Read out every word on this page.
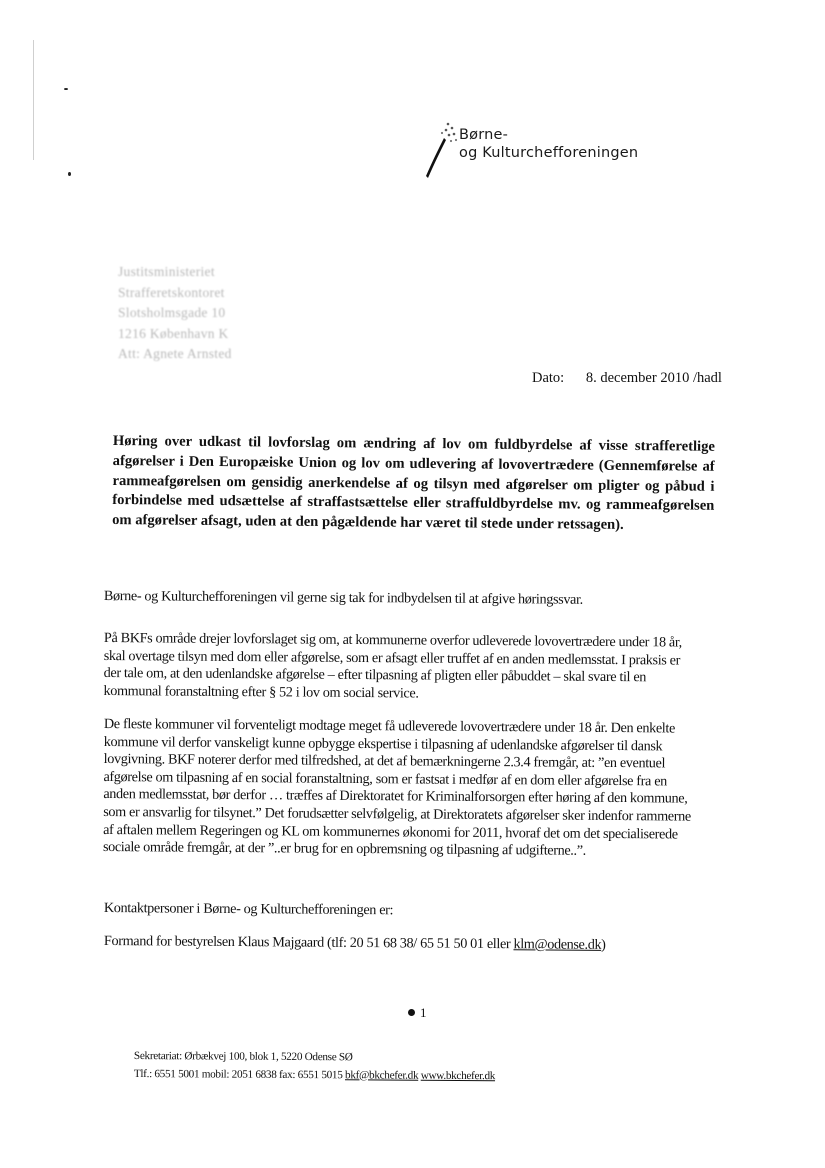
Børne-
og Kulturchefforeningen
Justitsministeriet
Strafferetskontoret
Slotsholmsgade 10
1216 København K
Att: Agnete Arnsted
Dato: 8. december 2010 /hadl
Høring over udkast til lovforslag om ændring af lov om fuldbyrdelse af visse strafferetlige afgørelser i Den Europæiske Union og lov om udlevering af lovovertrædere (Gennemførelse af rammeafgørelsen om gensidig anerkendelse af og tilsyn med afgørelser om pligter og påbud i forbindelse med udsættelse af straffastsættelse eller straffuldbyrdelse mv. og rammeafgørelsen om afgørelser afsagt, uden at den pågældende har været til stede under retssagen).
Børne- og Kulturchefforeningen vil gerne sig tak for indbydelsen til at afgive høringssvar.
På BKFs område drejer lovforslaget sig om, at kommunerne overfor udleverede lovovertrædere under 18 år, skal overtage tilsyn med dom eller afgørelse, som er afsagt eller truffet af en anden medlemsstat. I praksis er der tale om, at den udenlandske afgørelse – efter tilpasning af pligten eller påbuddet – skal svare til en kommunal foranstaltning efter § 52 i lov om social service.
De fleste kommuner vil forventeligt modtage meget få udleverede lovovertrædere under 18 år. Den enkelte kommune vil derfor vanskeligt kunne opbygge ekspertise i tilpasning af udenlandske afgørelser til dansk lovgivning. BKF noterer derfor med tilfredshed, at det af bemærkningerne 2.3.4 fremgår, at: ”en eventuel afgørelse om tilpasning af en social foranstaltning, som er fastsat i medfør af en dom eller afgørelse fra en anden medlemsstat, bør derfor … træffes af Direktoratet for Kriminalforsorgen efter høring af den kommune, som er ansvarlig for tilsynet.” Det forudsætter selvfølgelig, at Direktoratets afgørelser sker indenfor rammerne af aftalen mellem Regeringen og KL om kommunernes økonomi for 2011, hvoraf det om det specialiserede sociale område fremgår, at der ”..er brug for en opbremsning og tilpasning af udgifterne..”.
Kontaktpersoner i Børne- og Kulturchefforeningen er:
Formand for bestyrelsen Klaus Majgaard (tlf: 20 51 68 38/ 65 51 50 01 eller klm@odense.dk)
1
Sekretariat: Ørbækvej 100, blok 1, 5220 Odense SØ
Tlf.: 6551 5001 mobil: 2051 6838 fax: 6551 5015 bkf@bkchefer.dk www.bkchefer.dk
